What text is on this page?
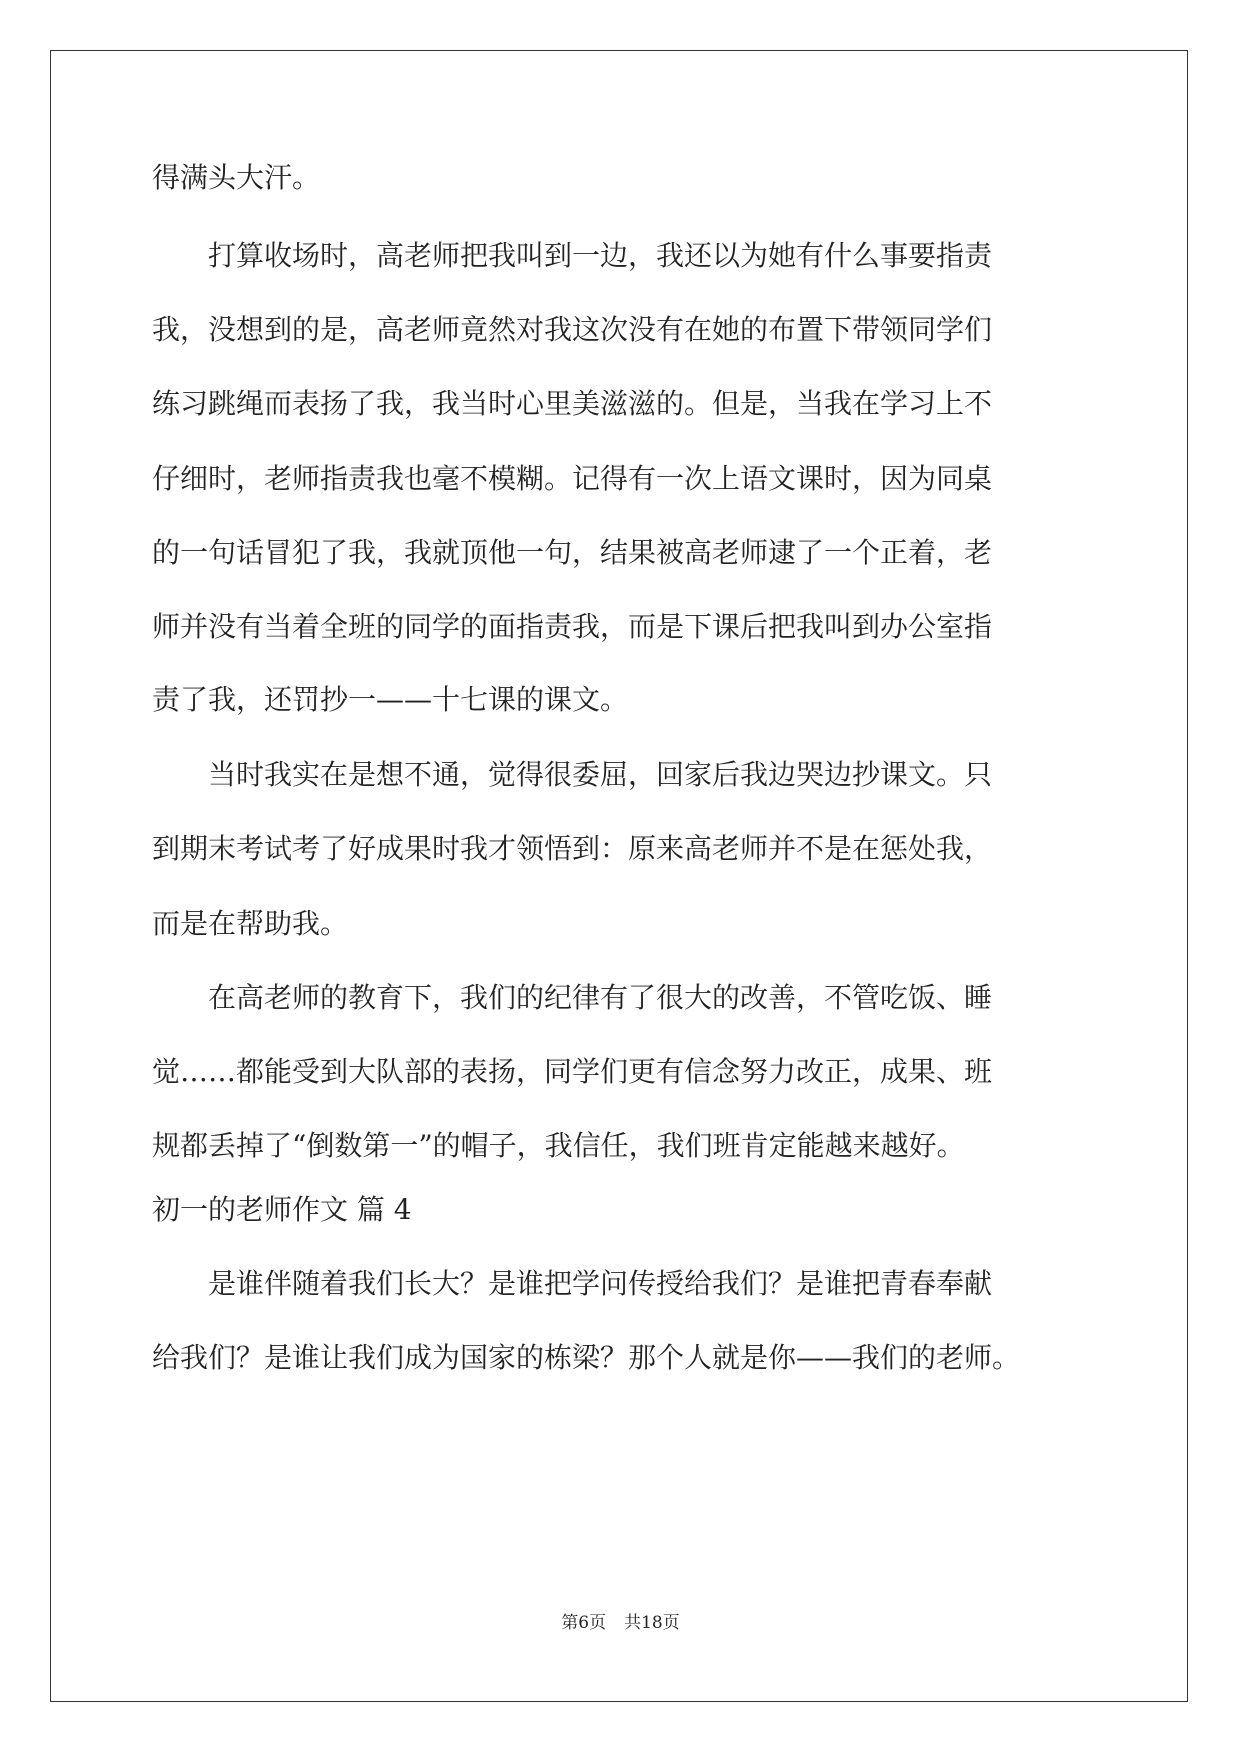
得满头大汗。
打算收场时，高老师把我叫到一边，我还以为她有什么事要指责
我，没想到的是，高老师竟然对我这次没有在她的布置下带领同学们
练习跳绳而表扬了我，我当时心里美滋滋的。但是，当我在学习上不
仔细时，老师指责我也毫不模糊。记得有一次上语文课时，因为同桌
的一句话冒犯了我，我就顶他一句，结果被高老师逮了一个正着，老
师并没有当着全班的同学的面指责我，而是下课后把我叫到办公室指
责了我，还罚抄一——十七课的课文。
当时我实在是想不通，觉得很委屈，回家后我边哭边抄课文。只
到期末考试考了好成果时我才领悟到：原来高老师并不是在惩处我，
而是在帮助我。
在高老师的教育下，我们的纪律有了很大的改善，不管吃饭、睡
觉……都能受到大队部的表扬，同学们更有信念努力改正，成果、班
规都丢掉了“倒数第一”的帽子，我信任，我们班肯定能越来越好。
初一的老师作文 篇 4
是谁伴随着我们长大？是谁把学问传授给我们？是谁把青春奉献
给我们？是谁让我们成为国家的栋梁？那个人就是你——我们的老师。
第6页 共18页
